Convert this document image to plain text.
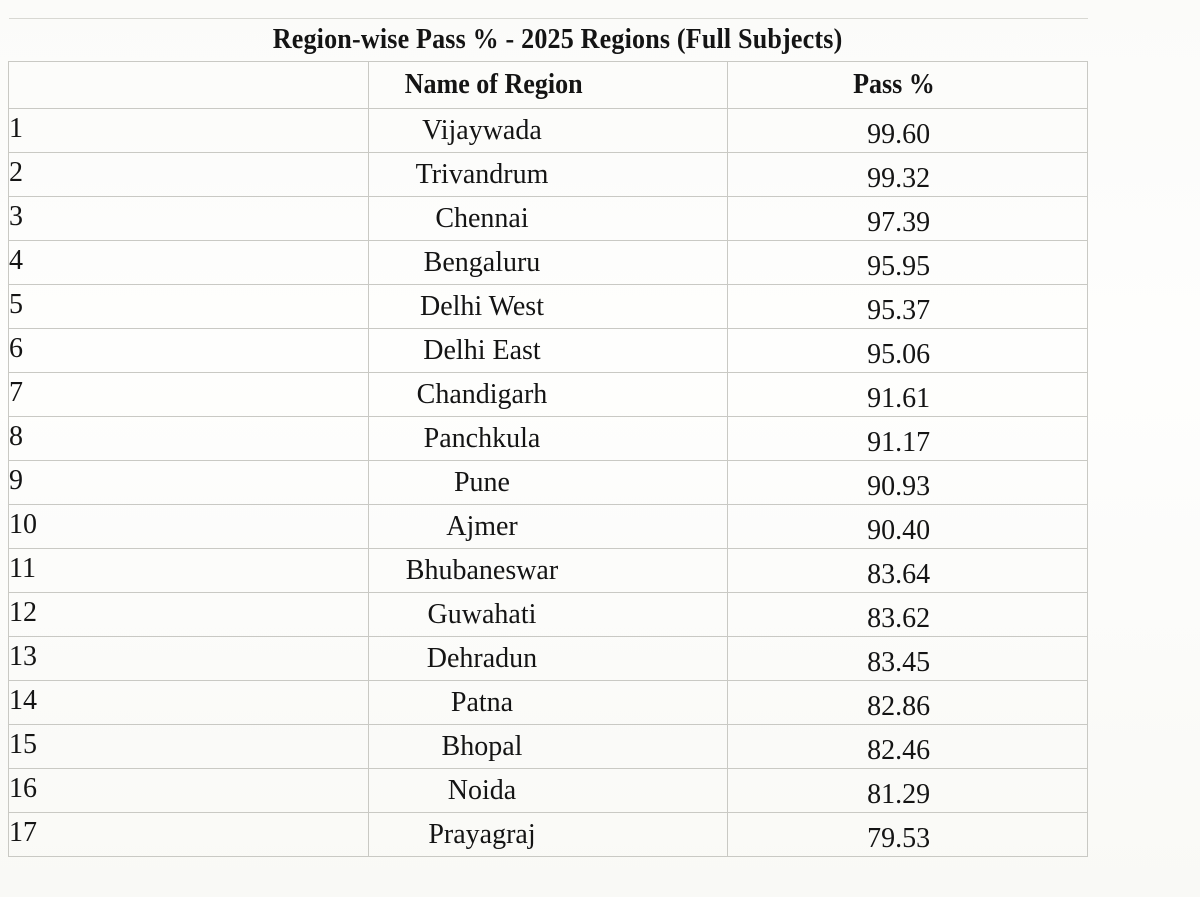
Region-wise Pass % - 2025 Regions (Full Subjects)		
	Name of Region	Pass %
1	Vijaywada	99.60
2	Trivandrum	99.32
3	Chennai	97.39
4	Bengaluru	95.95
5	Delhi West	95.37
6	Delhi East	95.06
7	Chandigarh	91.61
8	Panchkula	91.17
9	Pune	90.93
10	Ajmer	90.40
11	Bhubaneswar	83.64
12	Guwahati	83.62
13	Dehradun	83.45
14	Patna	82.86
15	Bhopal	82.46
16	Noida	81.29
17	Prayagraj	79.53
